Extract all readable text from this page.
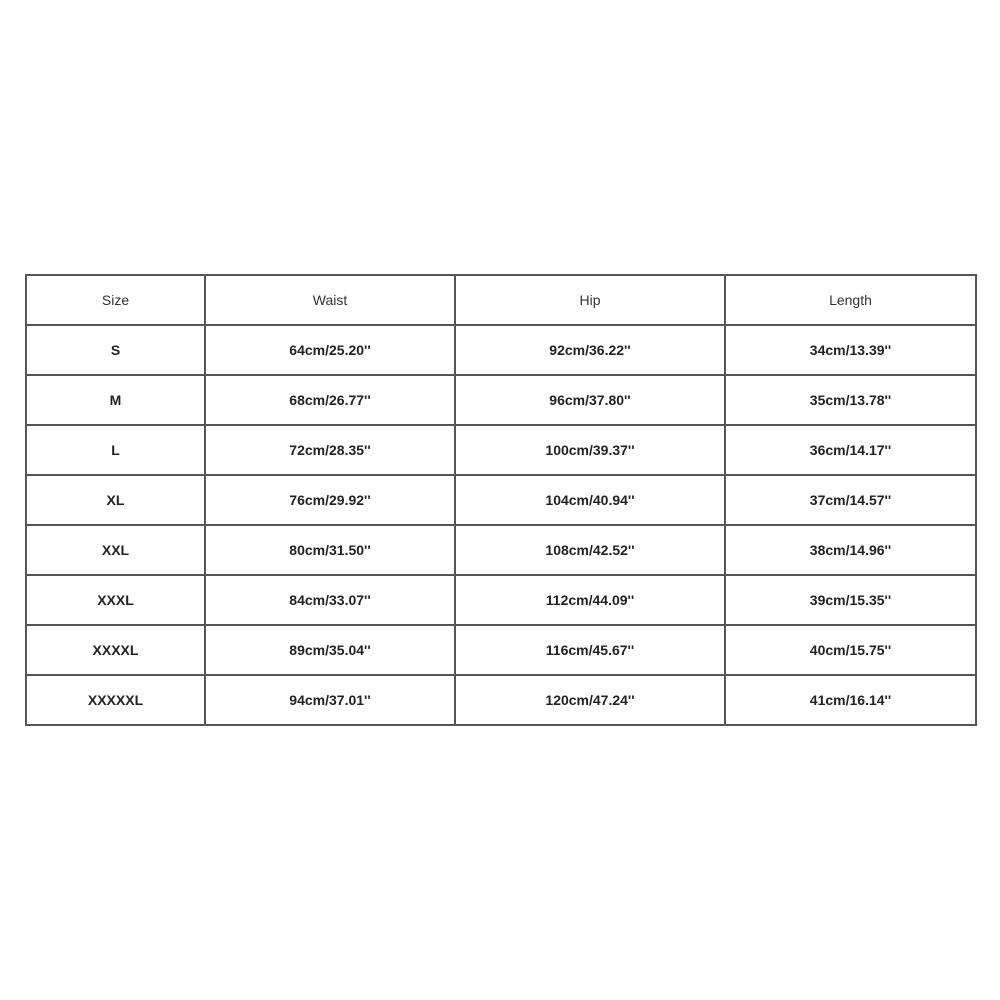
Size	Waist	Hip	Length
S	64cm/25.20''	92cm/36.22''	34cm/13.39''
M	68cm/26.77''	96cm/37.80''	35cm/13.78''
L	72cm/28.35''	100cm/39.37''	36cm/14.17''
XL	76cm/29.92''	104cm/40.94''	37cm/14.57''
XXL	80cm/31.50''	108cm/42.52''	38cm/14.96''
XXXL	84cm/33.07''	112cm/44.09''	39cm/15.35''
XXXXL	89cm/35.04''	116cm/45.67''	40cm/15.75''
XXXXXL	94cm/37.01''	120cm/47.24''	41cm/16.14''
